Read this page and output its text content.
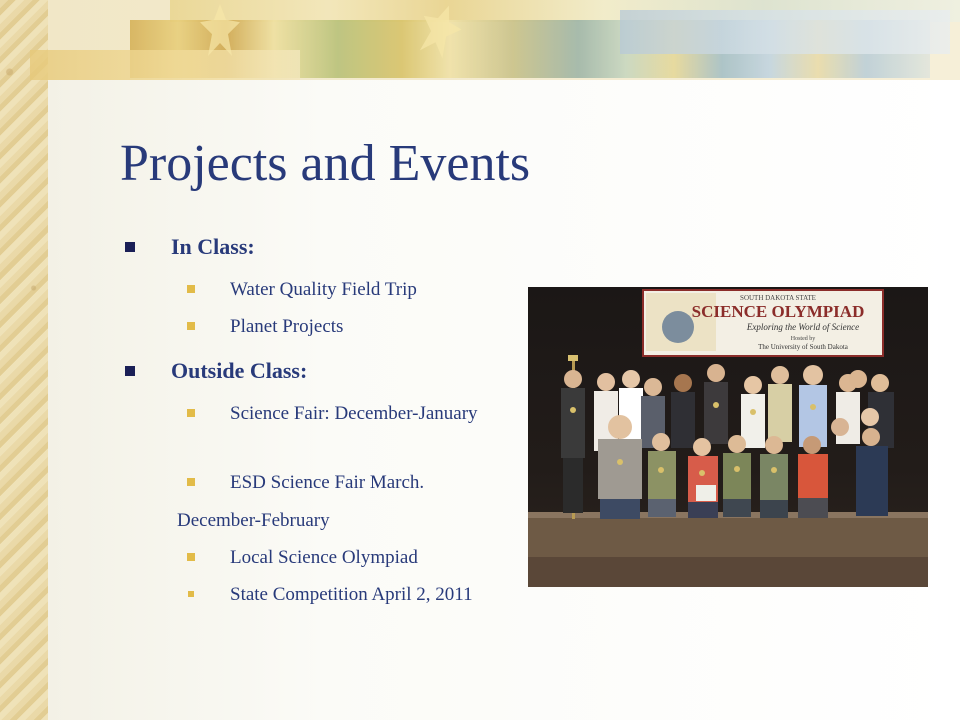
Projects and Events
In Class:
Water Quality Field Trip
Planet Projects
Outside Class:
Science Fair: December-January
ESD Science Fair March.
December-February
Local Science Olympiad
State Competition April 2, 2011
SOUTH DAKOTA STATE
SCIENCE OLYMPIAD
Exploring the World of Science
Hosted by
The University of South Dakota
